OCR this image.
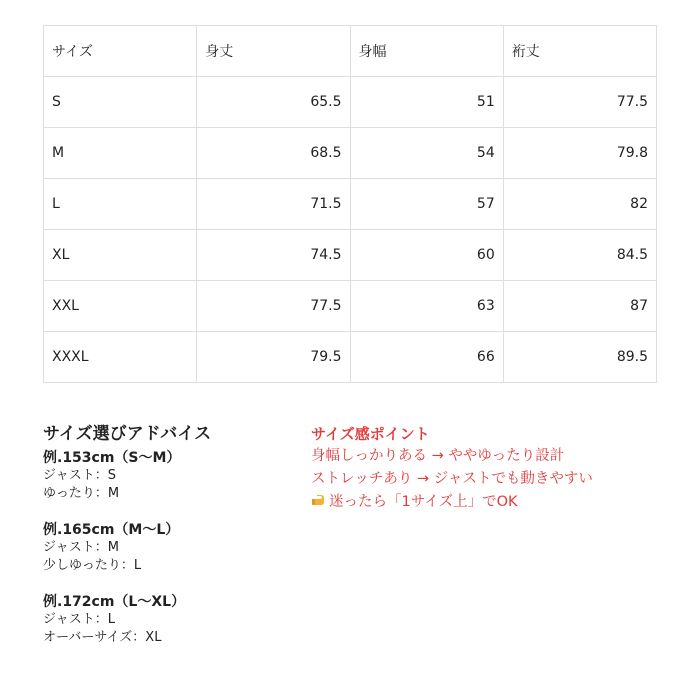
サイズ	身丈	身幅	裄丈
S	65.5	51	77.5
M	68.5	54	79.8
L	71.5	57	82
XL	74.5	60	84.5
XXL	77.5	63	87
XXXL	79.5	66	89.5
サイズ選びアドバイス
例.153cm（S〜M）
ジャスト：S
ゆったり：M
例.165cm（M〜L）
ジャスト：M
少しゆったり：L
例.172cm（L〜XL）
ジャスト：L
オーバーサイズ：XL
サイズ感ポイント
身幅しっかりある → ややゆったり設計
ストレッチあり → ジャストでも動きやすい
迷ったら「1サイズ上」でOK
